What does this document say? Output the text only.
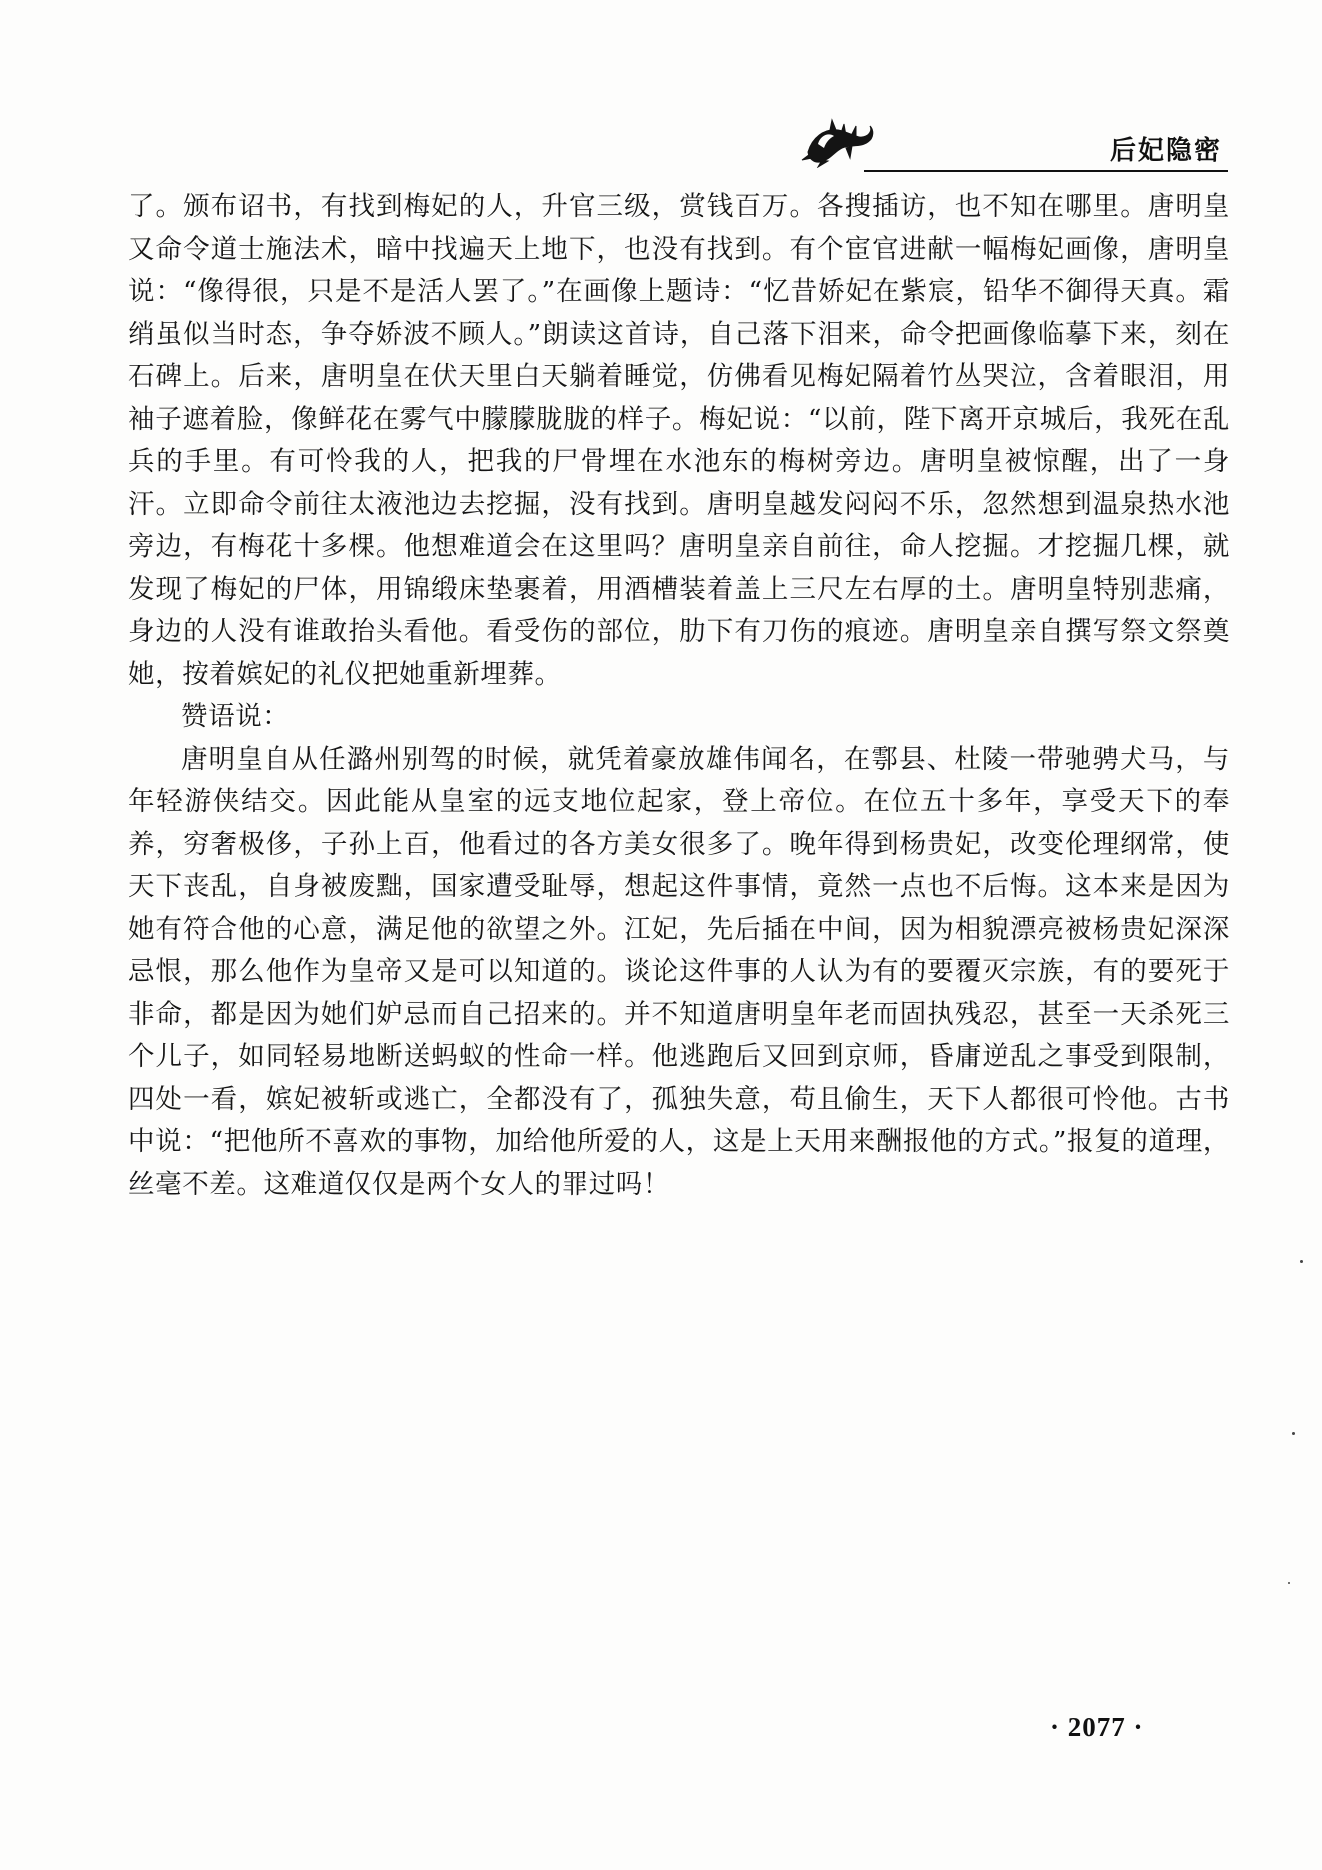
后妃隐密

了。颁布诏书，有找到梅妃的人，升官三级，赏钱百万。各搜插访，也不知在哪里。唐明皇又命令道士施法术，暗中找遍天上地下，也没有找到。有个宦官进献一幅梅妃画像，唐明皇说：“像得很，只是不是活人罢了。”在画像上题诗：“忆昔娇妃在紫宸，铅华不御得天真。霜绡虽似当时态，争夺娇波不顾人。”朗读这首诗，自己落下泪来，命令把画像临摹下来，刻在石碑上。后来，唐明皇在伏天里白天躺着睡觉，仿佛看见梅妃隔着竹丛哭泣，含着眼泪，用袖子遮着脸，像鲜花在雾气中朦朦胧胧的样子。梅妃说：“以前，陛下离开京城后，我死在乱兵的手里。有可怜我的人，把我的尸骨埋在水池东的梅树旁边。唐明皇被惊醒，出了一身汗。立即命令前往太液池边去挖掘，没有找到。唐明皇越发闷闷不乐，忽然想到温泉热水池旁边，有梅花十多棵。他想难道会在这里吗？唐明皇亲自前往，命人挖掘。才挖掘几棵，就发现了梅妃的尸体，用锦缎床垫裹着，用酒槽装着盖上三尺左右厚的土。唐明皇特别悲痛，身边的人没有谁敢抬头看他。看受伤的部位，肋下有刀伤的痕迹。唐明皇亲自撰写祭文祭奠她，按着嫔妃的礼仪把她重新埋葬。

赞语说：

唐明皇自从任潞州别驾的时候，就凭着豪放雄伟闻名，在鄠县、杜陵一带驰骋犬马，与年轻游侠结交。因此能从皇室的远支地位起家，登上帝位。在位五十多年，享受天下的奉养，穷奢极侈，子孙上百，他看过的各方美女很多了。晚年得到杨贵妃，改变伦理纲常，使天下丧乱，自身被废黜，国家遭受耻辱，想起这件事情，竟然一点也不后悔。这本来是因为她有符合他的心意，满足他的欲望之外。江妃，先后插在中间，因为相貌漂亮被杨贵妃深深忌恨，那么他作为皇帝又是可以知道的。谈论这件事的人认为有的要覆灭宗族，有的要死于非命，都是因为她们妒忌而自己招来的。并不知道唐明皇年老而固执残忍，甚至一天杀死三个儿子，如同轻易地断送蚂蚁的性命一样。他逃跑后又回到京师，昏庸逆乱之事受到限制，四处一看，嫔妃被斩或逃亡，全都没有了，孤独失意，苟且偷生，天下人都很可怜他。古书中说：“把他所不喜欢的事物，加给他所爱的人，这是上天用来酬报他的方式。”报复的道理，丝毫不差。这难道仅仅是两个女人的罪过吗！

· 2077 ·
